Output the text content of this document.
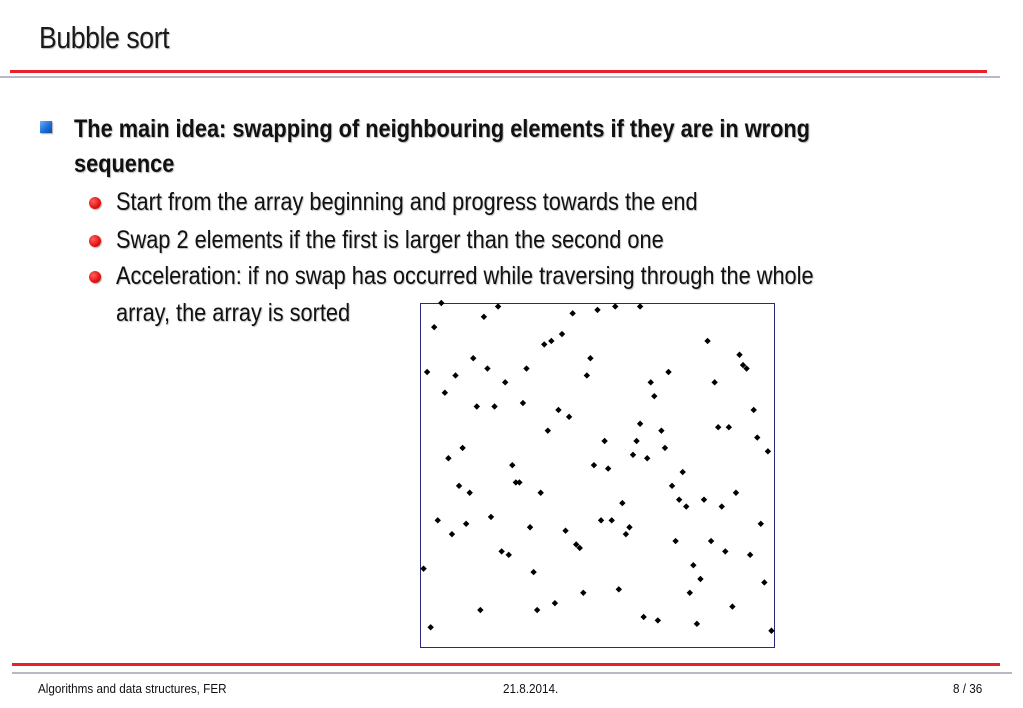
Bubble sort
The main idea: swapping of neighbouring elements if they are in wrong sequence
Start from the array beginning and progress towards the end
Swap 2 elements if the first is larger than the second one
Acceleration: if no swap has occurred while traversing through the whole
array, the array is sorted
Algorithms and data structures, FER	21.8.2014.	8 / 36
